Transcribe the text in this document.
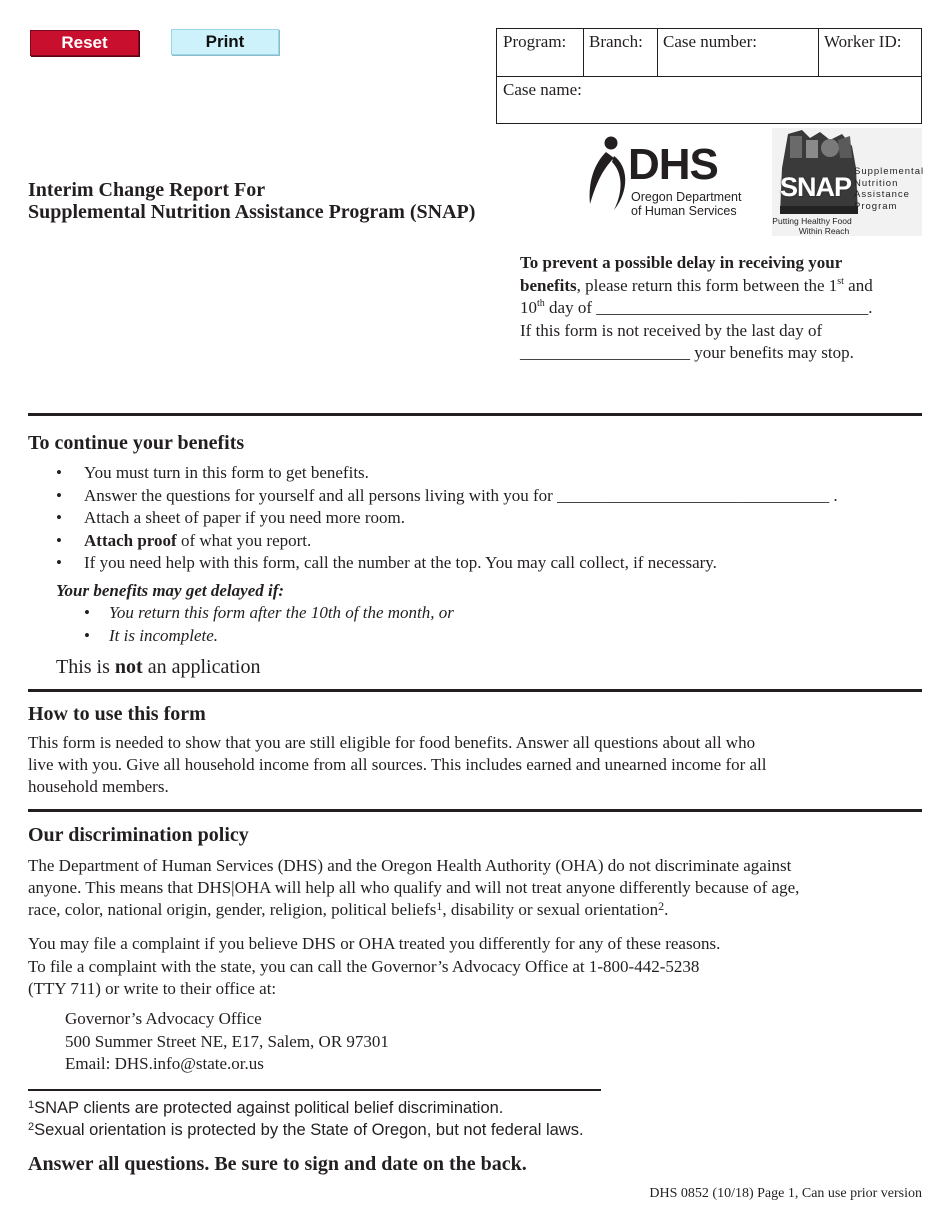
Reset	Print	Program:	Branch:	Case number:	Worker ID:
Case name:
Interim Change Report For
Supplemental Nutrition Assistance Program (SNAP)
DHS
Oregon Department
of Human Services
SNAP
Supplemental
Nutrition
Assistance
Program
Putting Healthy Food
Within Reach
To prevent a possible delay in receiving your
benefits, please return this form between the 1st and
10th day of ________________________________.
If this form is not received by the last day of
____________________ your benefits may stop.
To continue your benefits
• You must turn in this form to get benefits.
• Answer the questions for yourself and all persons living with you for ________________________________ .
• Attach a sheet of paper if you need more room.
• Attach proof of what you report.
• If you need help with this form, call the number at the top. You may call collect, if necessary.
Your benefits may get delayed if:
• You return this form after the 10th of the month, or
• It is incomplete.
This is not an application
How to use this form
This form is needed to show that you are still eligible for food benefits. Answer all questions about all who
live with you. Give all household income from all sources. This includes earned and unearned income for all
household members.
Our discrimination policy
The Department of Human Services (DHS) and the Oregon Health Authority (OHA) do not discriminate against
anyone. This means that DHS|OHA will help all who qualify and will not treat anyone differently because of age,
race, color, national origin, gender, religion, political beliefs$^1$, disability or sexual orientation$^2$.
You may file a complaint if you believe DHS or OHA treated you differently for any of these reasons.
To file a complaint with the state, you can call the Governor’s Advocacy Office at 1-800-442-5238
(TTY 711) or write to their office at:
Governor’s Advocacy Office
500 Summer Street NE, E17, Salem, OR 97301
Email: DHS.info@state.or.us
$^1$SNAP clients are protected against political belief discrimination.
$^2$Sexual orientation is protected by the State of Oregon, but not federal laws.
Answer all questions. Be sure to sign and date on the back.
DHS 0852 (10/18) Page 1, Can use prior version
